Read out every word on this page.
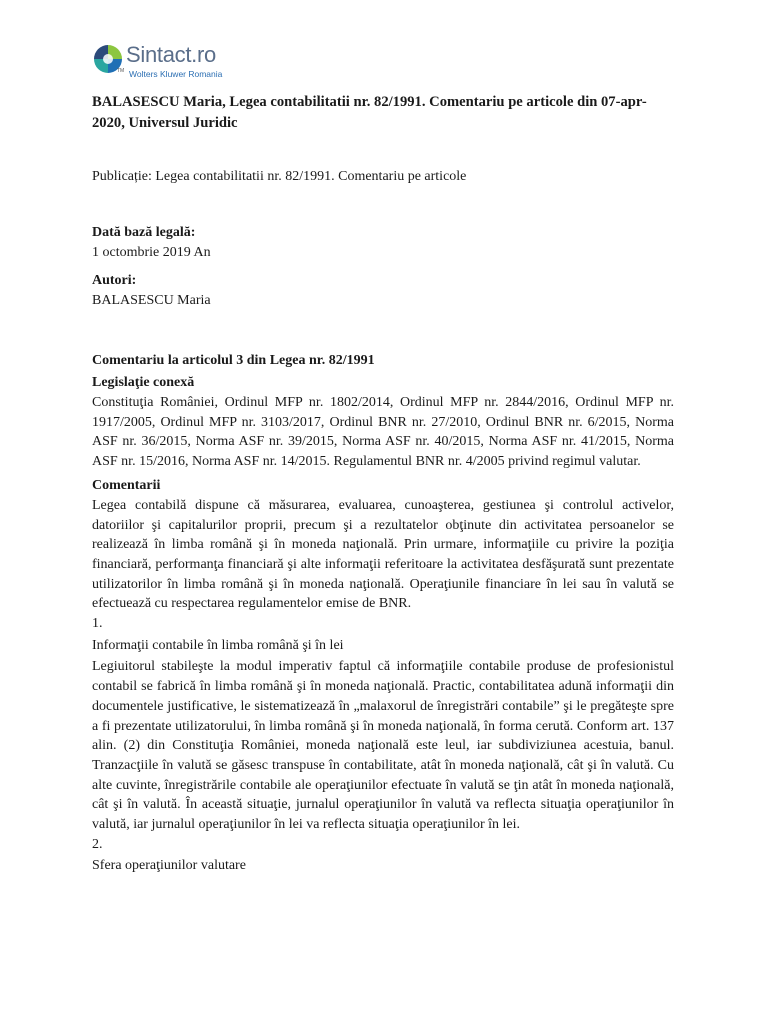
TM
Sintact.ro
Wolters Kluwer Romania
BALASESCU Maria, Legea contabilitatii nr. 82/1991. Comentariu pe articole din 07-apr-2020, Universul Juridic
Publicație: Legea contabilitatii nr. 82/1991. Comentariu pe articole
Dată bază legală:
1 octombrie 2019 An
Autori:
BALASESCU Maria
Comentariu la articolul 3 din Legea nr. 82/1991
Legislaţie conexă
Constituţia României, Ordinul MFP nr. 1802/2014, Ordinul MFP nr. 2844/2016, Ordinul MFP nr. 1917/2005, Ordinul MFP nr. 3103/2017, Ordinul BNR nr. 27/2010, Ordinul BNR nr. 6/2015, Norma ASF nr. 36/2015, Norma ASF nr. 39/2015, Norma ASF nr. 40/2015, Norma ASF nr. 41/2015, Norma ASF nr. 15/2016, Norma ASF nr. 14/2015. Regulamentul BNR nr. 4/2005 privind regimul valutar.
Comentarii
Legea contabilă dispune că măsurarea, evaluarea, cunoaşterea, gestiunea şi controlul activelor, datoriilor şi capitalurilor proprii, precum şi a rezultatelor obţinute din activitatea persoanelor se realizează în limba română şi în moneda naţională. Prin urmare, informaţiile cu privire la poziţia financiară, performanţa financiară şi alte informaţii referitoare la activitatea desfăşurată sunt prezentate utilizatorilor în limba română şi în moneda naţională. Operaţiunile financiare în lei sau în valută se efectuează cu respectarea regulamentelor emise de BNR.
1.
Informaţii contabile în limba română şi în lei
Legiuitorul stabileşte la modul imperativ faptul că informaţiile contabile produse de profesionistul contabil se fabrică în limba română şi în moneda naţională. Practic, contabilitatea adună informaţii din documentele justificative, le sistematizează în „malaxorul de înregistrări contabile” şi le pregăteşte spre a fi prezentate utilizatorului, în limba română şi în moneda naţională, în forma cerută. Conform art. 137 alin. (2) din Constituţia României, moneda naţională este leul, iar subdiviziunea acestuia, banul. Tranzacţiile în valută se găsesc transpuse în contabilitate, atât în moneda naţională, cât şi în valută. Cu alte cuvinte, înregistrările contabile ale operaţiunilor efectuate în valută se ţin atât în moneda naţională, cât şi în valută. În această situaţie, jurnalul operaţiunilor în valută va reflecta situaţia operaţiunilor în valută, iar jurnalul operaţiunilor în lei va reflecta situaţia operaţiunilor în lei.
2.
Sfera operaţiunilor valutare
